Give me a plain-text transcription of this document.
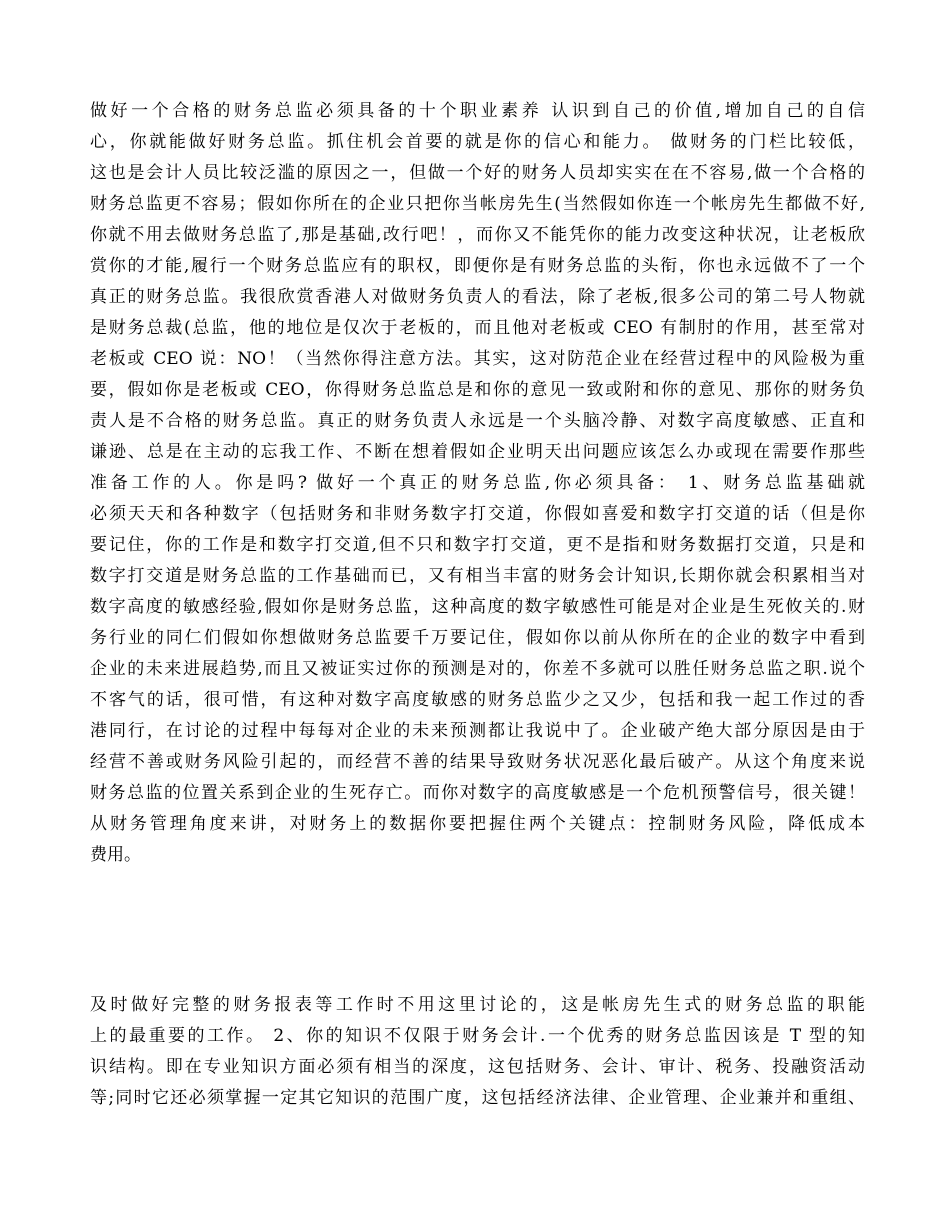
做好一个合格的财务总监必须具备的十个职业素养 认识到自己的价值,增加自己的自信
心，你就能做好财务总监。抓住机会首要的就是你的信心和能力。 做财务的门栏比较低，
这也是会计人员比较泛滥的原因之一，但做一个好的财务人员却实实在在不容易,做一个合格的
财务总监更不容易；假如你所在的企业只把你当帐房先生(当然假如你连一个帐房先生都做不好,
你就不用去做财务总监了,那是基础,改行吧！，而你又不能凭你的能力改变这种状况，让老板欣
赏你的才能,履行一个财务总监应有的职权，即便你是有财务总监的头衔，你也永远做不了一个
真正的财务总监。我很欣赏香港人对做财务负责人的看法，除了老板,很多公司的第二号人物就
是财务总裁(总监，他的地位是仅次于老板的，而且他对老板或 CEO 有制肘的作用，甚至常对
老板或 CEO 说：NO！（当然你得注意方法。其实，这对防范企业在经营过程中的风险极为重
要，假如你是老板或 CEO，你得财务总监总是和你的意见一致或附和你的意见、那你的财务负
责人是不合格的财务总监。真正的财务负责人永远是一个头脑冷静、对数字高度敏感、正直和
谦逊、总是在主动的忘我工作、不断在想着假如企业明天出问题应该怎么办或现在需要作那些
准备工作的人。你是吗? 做好一个真正的财务总监,你必须具备： 1、财务总监基础就
必须天天和各种数字（包括财务和非财务数字打交道，你假如喜爱和数字打交道的话（但是你
要记住，你的工作是和数字打交道,但不只和数字打交道，更不是指和财务数据打交道，只是和
数字打交道是财务总监的工作基础而已，又有相当丰富的财务会计知识,长期你就会积累相当对
数字高度的敏感经验,假如你是财务总监，这种高度的数字敏感性可能是对企业是生死攸关的.财
务行业的同仁们假如你想做财务总监要千万要记住，假如你以前从你所在的企业的数字中看到
企业的未来进展趋势,而且又被证实过你的预测是对的，你差不多就可以胜任财务总监之职.说个
不客气的话，很可惜，有这种对数字高度敏感的财务总监少之又少，包括和我一起工作过的香
港同行，在讨论的过程中每每对企业的未来预测都让我说中了。企业破产绝大部分原因是由于
经营不善或财务风险引起的，而经营不善的结果导致财务状况恶化最后破产。从这个角度来说
财务总监的位置关系到企业的生死存亡。而你对数字的高度敏感是一个危机预警信号，很关键！
从财务管理角度来讲，对财务上的数据你要把握住两个关键点：控制财务风险，降低成本
费用。
及时做好完整的财务报表等工作时不用这里讨论的，这是帐房先生式的财务总监的职能
上的最重要的工作。 2、你的知识不仅限于财务会计.一个优秀的财务总监因该是 T 型的知
识结构。即在专业知识方面必须有相当的深度，这包括财务、会计、审计、税务、投融资活动
等;同时它还必须掌握一定其它知识的范围广度，这包括经济法律、企业管理、企业兼并和重组、
